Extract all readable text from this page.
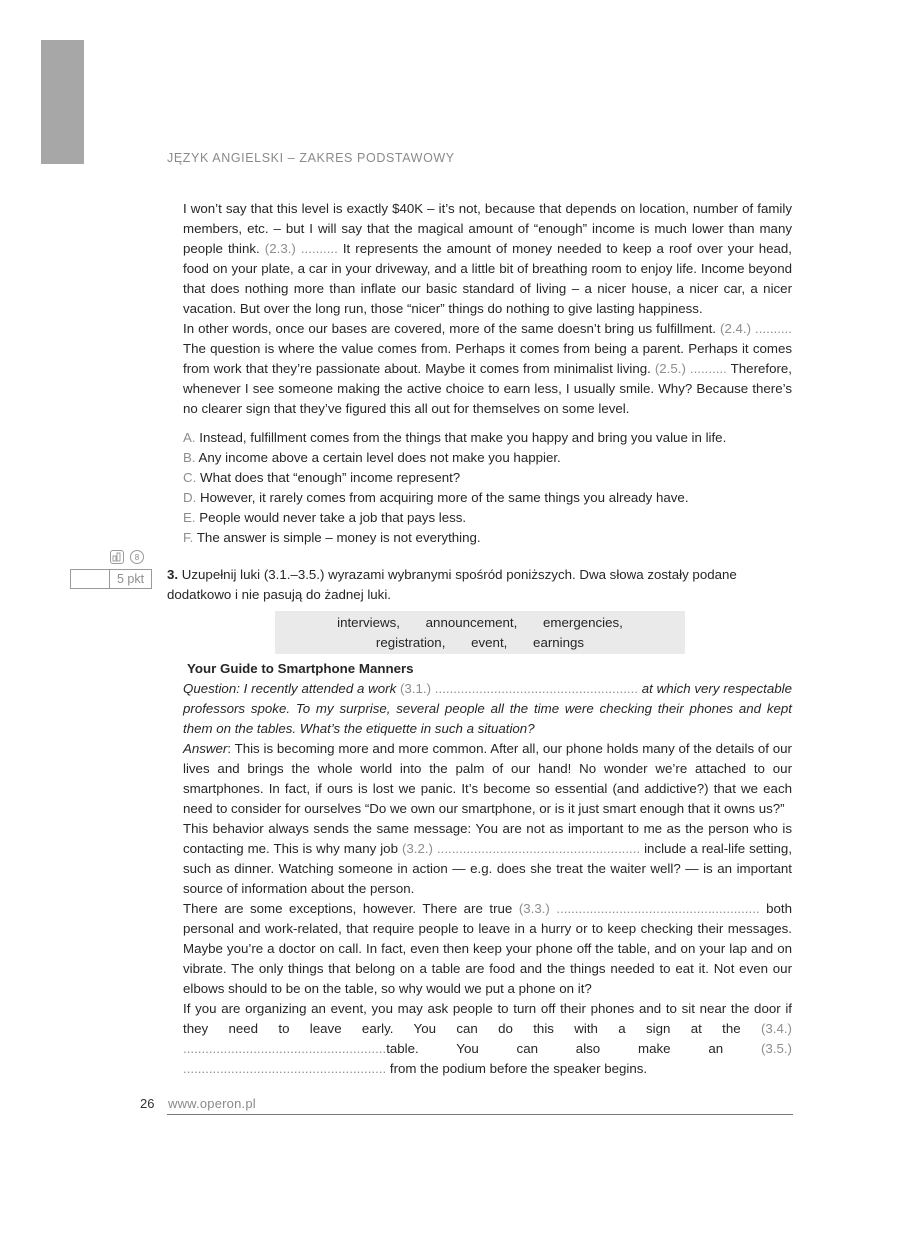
JĘZYK ANGIELSKI – ZAKRES PODSTAWOWY

I won’t say that this level is exactly $40K – it’s not, because that depends on location, number of family members, etc. – but I will say that the magical amount of “enough” income is much lower than many people think. (2.3.) .......... It represents the amount of money needed to keep a roof over your head, food on your plate, a car in your driveway, and a little bit of breathing room to enjoy life. Income beyond that does nothing more than inflate our basic standard of living – a nicer house, a nicer car, a nicer vacation. But over the long run, those “nicer” things do nothing to give lasting happiness.

In other words, once our bases are covered, more of the same doesn’t bring us fulfillment. (2.4.) .......... The question is where the value comes from. Perhaps it comes from being a parent. Perhaps it comes from work that they’re passionate about. Maybe it comes from minimalist living. (2.5.) .......... Therefore, whenever I see someone making the active choice to earn less, I usually smile. Why? Because there’s no clearer sign that they’ve figured this all out for themselves on some level.

A. Instead, fulfillment comes from the things that make you happy and bring you value in life.

B. Any income above a certain level does not make you happier.

C. What does that “enough” income represent?

D. However, it rarely comes from acquiring more of the same things you already have.

E. People would never take a job that pays less.

F. The answer is simple – money is not everything.

8
5 pkt	3. Uzupełnij luki (3.1.–3.5.) wyrazami wybranymi spośród poniższych. Dwa słowa zostały podane dodatkowo i nie pasują do żadnej luki.

interviews, announcement, emergencies,
registration, event, earnings
Your Guide to Smartphone Manners

Question: I recently attended a work (3.1.) ....................................................... at which very respectable professors spoke. To my surprise, several people all the time were checking their phones and kept them on the tables. What’s the etiquette in such a situation?

Answer: This is becoming more and more common. After all, our phone holds many of the details of our lives and brings the whole world into the palm of our hand! No wonder we’re attached to our smartphones. In fact, if ours is lost we panic. It’s become so essential (and addictive?) that we each need to consider for ourselves “Do we own our smartphone, or is it just smart enough that it owns us?”

This behavior always sends the same message: You are not as important to me as the person who is contacting me. This is why many job (3.2.) ....................................................... include a real-life setting, such as dinner. Watching someone in action — e.g. does she treat the waiter well? — is an important source of information about the person.

There are some exceptions, however. There are true (3.3.) ....................................................... both personal and work-related, that require people to leave in a hurry or to keep checking their messages. Maybe you’re a doctor on call. In fact, even then keep your phone off the table, and on your lap and on vibrate. The only things that belong on a table are food and the things needed to eat it. Not even our elbows should to be on the table, so why would we put a phone on it?

If you are organizing an event, you may ask people to turn off their phones and to sit near the door if they need to leave early. You can do this with a sign at the (3.4.) .......................................................table. You can also make an (3.5.) ....................................................... from the podium before the speaker begins.

26 www.operon.pl
